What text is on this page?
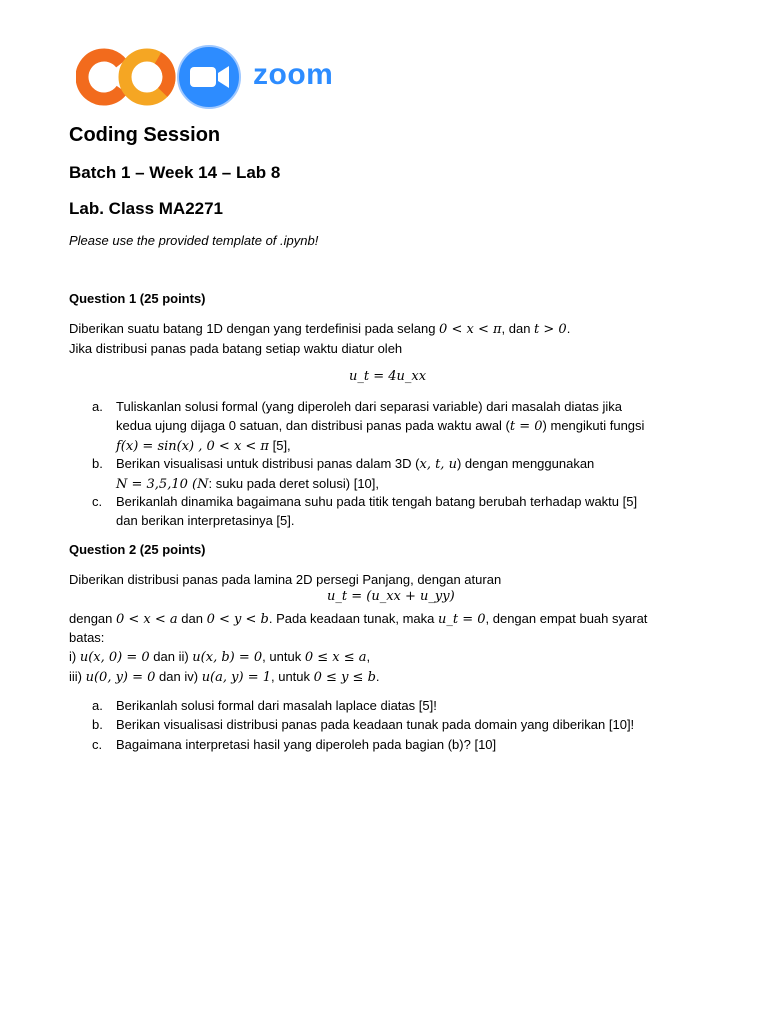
zoom
Coding Session
Batch 1 – Week 14 – Lab 8
Lab. Class MA2271
Please use the provided template of .ipynb!
Question 1 (25 points)
Diberikan suatu batang 1D dengan yang terdefinisi pada selang 0 < x < π, dan t > 0.
Jika distribusi panas pada batang setiap waktu diatur oleh
u_t = 4u_xx
a. Tuliskanlan solusi formal (yang diperoleh dari separasi variable) dari masalah diatas jika
kedua ujung dijaga 0 satuan, dan distribusi panas pada waktu awal (t = 0) mengikuti fungsi
f(x) = sin(x) , 0 < x < π [5],
b. Berikan visualisasi untuk distribusi panas dalam 3D (x, t, u) dengan menggunakan
N = 3,5,10 (N: suku pada deret solusi) [10],
c. Berikanlah dinamika bagaimana suhu pada titik tengah batang berubah terhadap waktu [5]
dan berikan interpretasinya [5].
Question 2 (25 points)
Diberikan distribusi panas pada lamina 2D persegi Panjang, dengan aturan
u_t = (u_xx + u_yy)
dengan 0 < x < a dan 0 < y < b. Pada keadaan tunak, maka u_t = 0, dengan empat buah syarat
batas:
i) u(x, 0) = 0 dan ii) u(x, b) = 0, untuk 0 ≤ x ≤ a,
iii) u(0, y) = 0 dan iv) u(a, y) = 1, untuk 0 ≤ y ≤ b.
a. Berikanlah solusi formal dari masalah laplace diatas [5]!
b. Berikan visualisasi distribusi panas pada keadaan tunak pada domain yang diberikan [10]!
c. Bagaimana interpretasi hasil yang diperoleh pada bagian (b)? [10]
